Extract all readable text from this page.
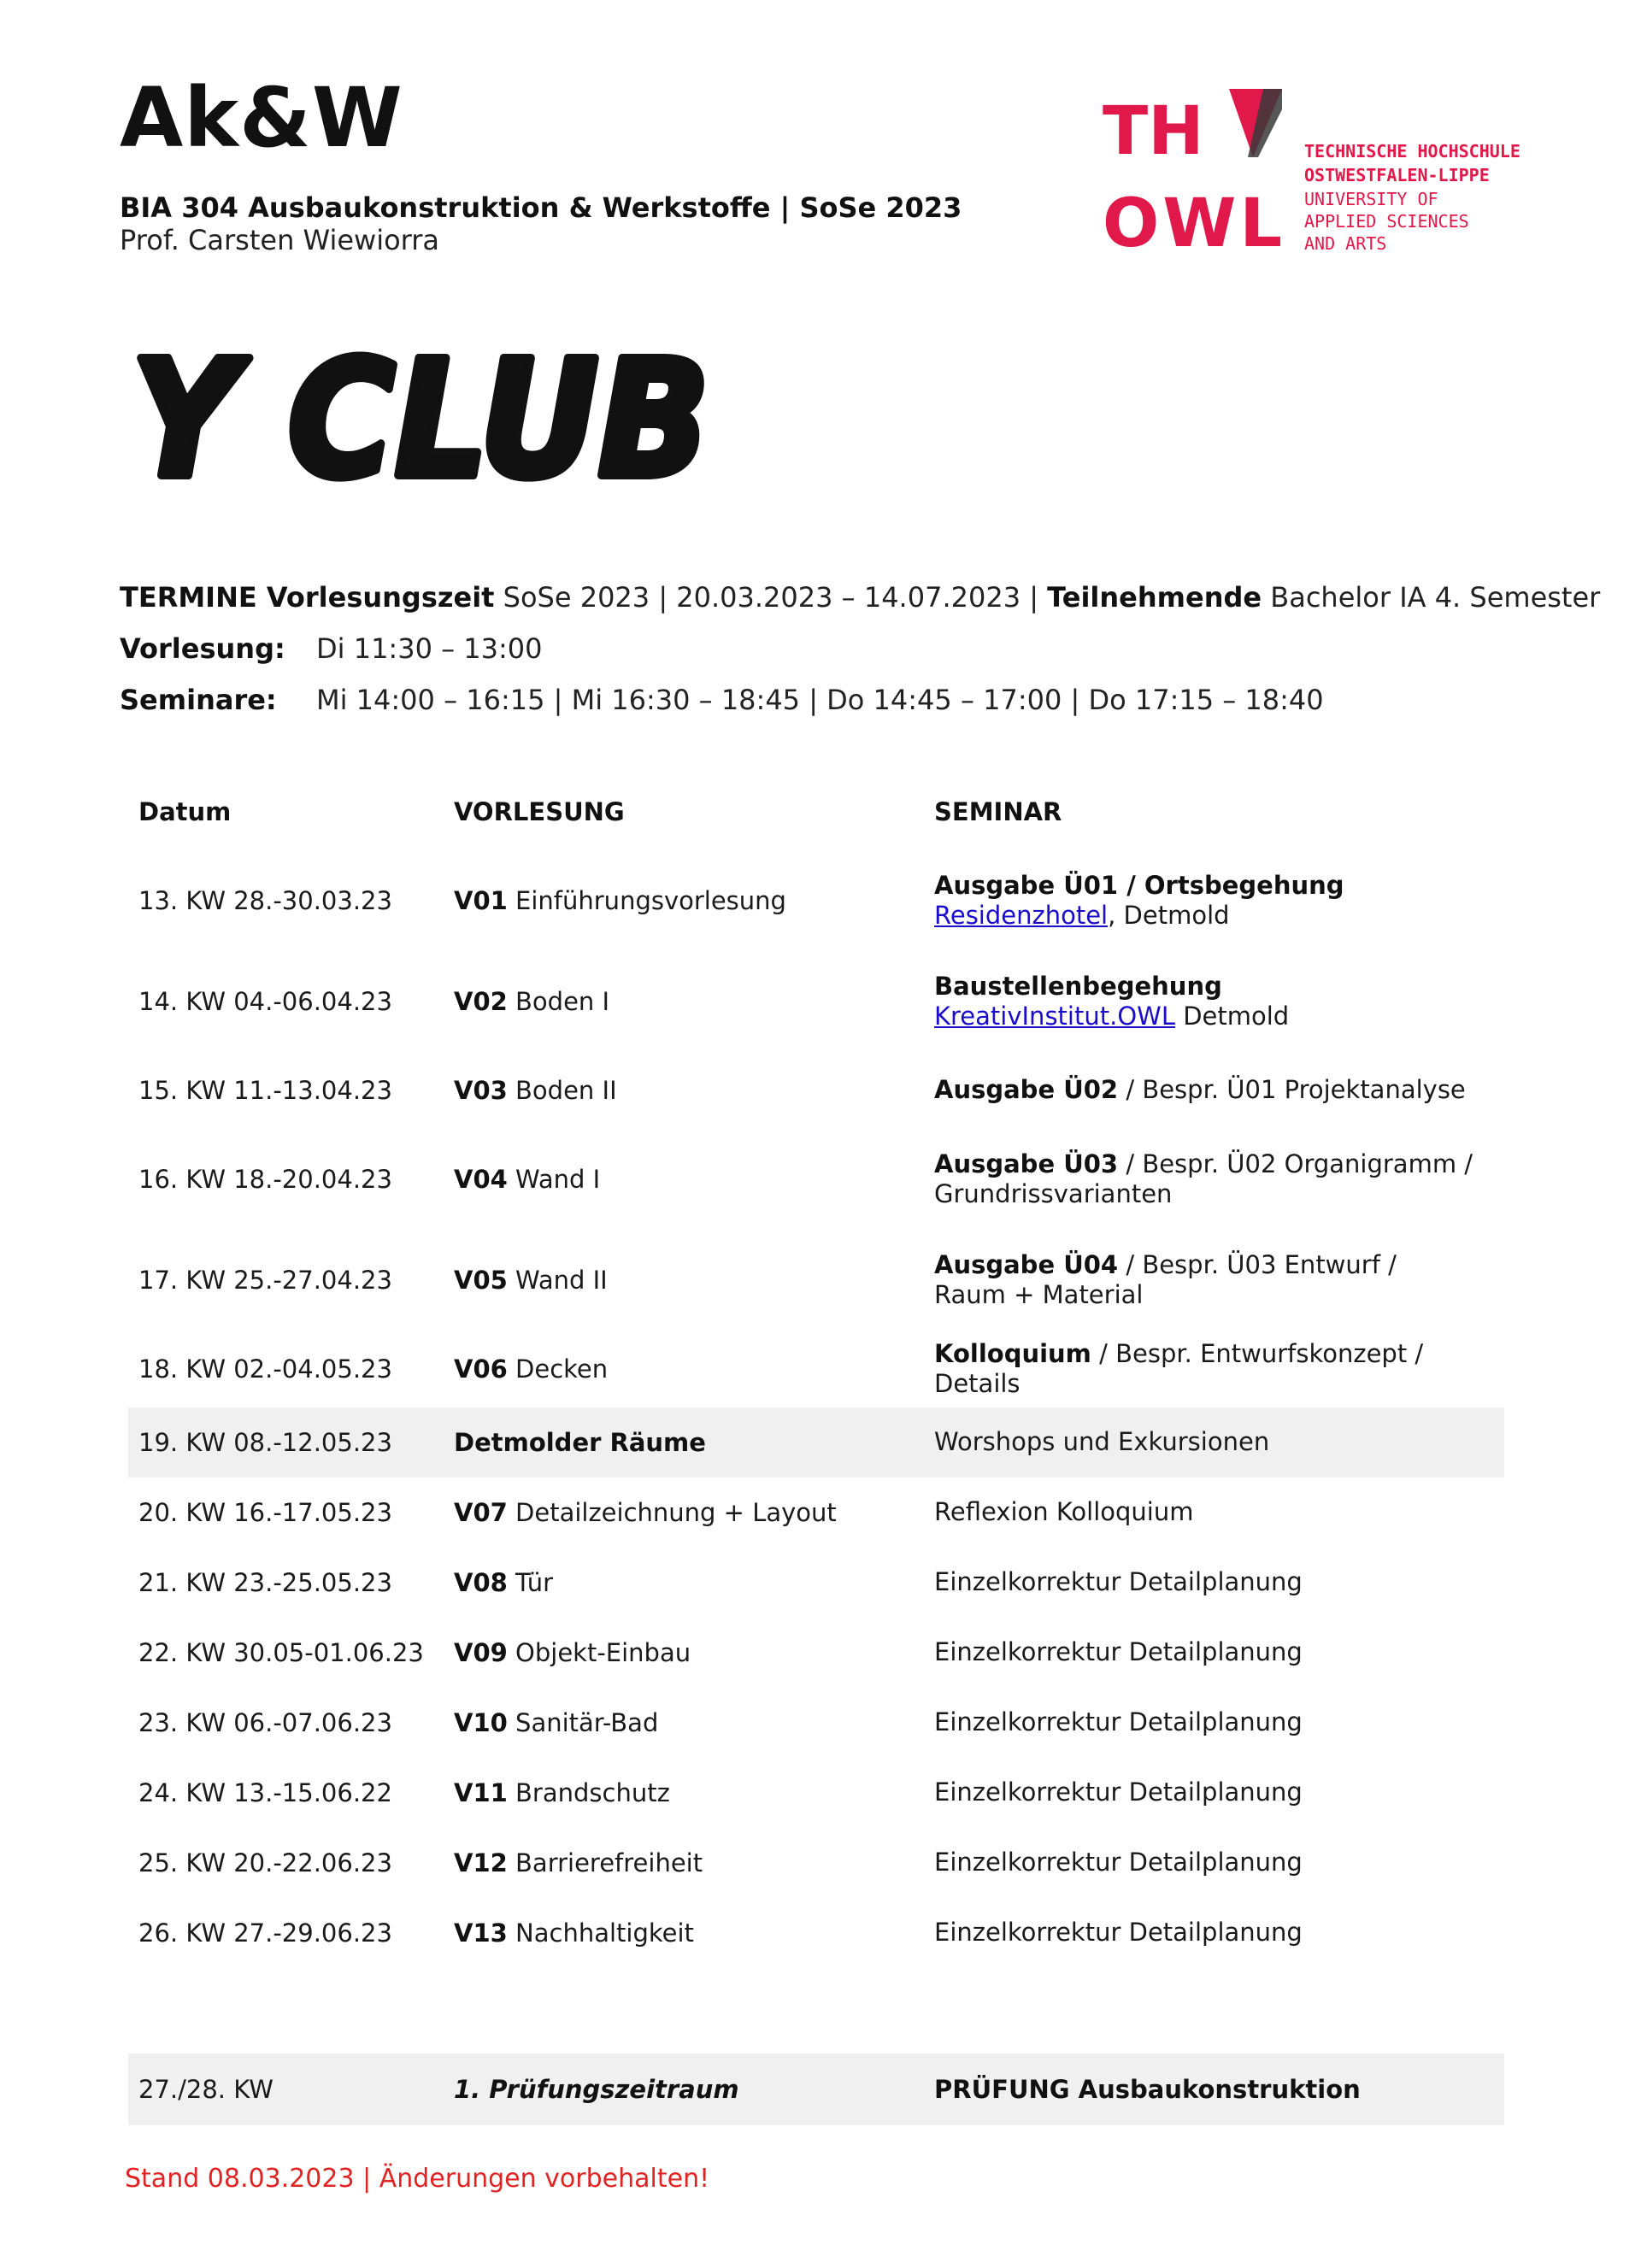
Ak&W
BIA 304 Ausbaukonstruktion & Werkstoffe | SoSe 2023
Prof. Carsten Wiewiorra
TH
OWL
TECHNISCHE HOCHSCHULE
OSTWESTFALEN-LIPPE
UNIVERSITY OF
APPLIED SCIENCES
AND ARTS
Y CLUB
TERMINE Vorlesungszeit SoSe 2023 | 20.03.2023 – 14.07.2023 | Teilnehmende Bachelor IA 4. Semester
Vorlesung: Di 11:30 – 13:00
Seminare: Mi 14:00 – 16:15 | Mi 16:30 – 18:45 | Do 14:45 – 17:00 | Do 17:15 – 18:40
Datum	VORLESUNG	SEMINAR
13. KW 28.-30.03.23	V01 Einführungsvorlesung	Ausgabe Ü01 / Ortsbegehung
Residenzhotel, Detmold
14. KW 04.-06.04.23	V02 Boden I	Baustellenbegehung
KreativInstitut.OWL Detmold
15. KW 11.-13.04.23	V03 Boden II	Ausgabe Ü02 / Bespr. Ü01 Projektanalyse
16. KW 18.-20.04.23	V04 Wand I	Ausgabe Ü03 / Bespr. Ü02 Organigramm /
Grundrissvarianten
17. KW 25.-27.04.23	V05 Wand II	Ausgabe Ü04 / Bespr. Ü03 Entwurf /
Raum + Material
18. KW 02.-04.05.23	V06 Decken	Kolloquium / Bespr. Entwurfskonzept / Details
19. KW 08.-12.05.23	Detmolder Räume	Worshops und Exkursionen
20. KW 16.-17.05.23	V07 Detailzeichnung + Layout	Reflexion Kolloquium
21. KW 23.-25.05.23	V08 Tür	Einzelkorrektur Detailplanung
22. KW 30.05-01.06.23	V09 Objekt-Einbau	Einzelkorrektur Detailplanung
23. KW 06.-07.06.23	V10 Sanitär-Bad	Einzelkorrektur Detailplanung
24. KW 13.-15.06.22	V11 Brandschutz	Einzelkorrektur Detailplanung
25. KW 20.-22.06.23	V12 Barrierefreiheit	Einzelkorrektur Detailplanung
26. KW 27.-29.06.23	V13 Nachhaltigkeit	Einzelkorrektur Detailplanung

27./28. KW	1. Prüfungszeitraum	PRÜFUNG Ausbaukonstruktion
Stand 08.03.2023 | Änderungen vorbehalten!
